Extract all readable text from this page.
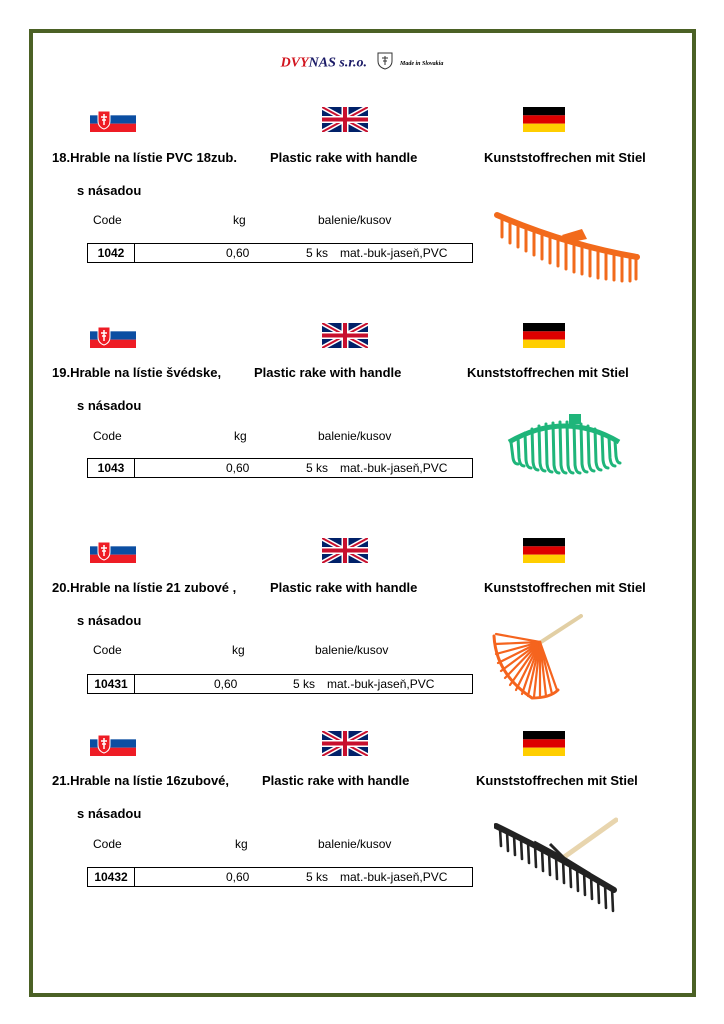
DVYNAS s.r.o.	Made in Slovakia
18.Hrable na lístie PVC 18zub.	Plastic rake with handle	Kunststoffrechen mit Stiel
s násadou
Code	kg	balenie/kusov
1042	0,60	5 ks mat.-buk-jaseň,PVC
19.Hrable na lístie švédske,	Plastic rake with handle	Kunststoffrechen mit Stiel
s násadou
Code	kg	balenie/kusov
1043	0,60	5 ks mat.-buk-jaseň,PVC
20.Hrable na lístie 21 zubové ,	Plastic rake with handle	Kunststoffrechen mit Stiel
s násadou
Code	kg	balenie/kusov
10431	0,60	5 ks mat.-buk-jaseň,PVC
21.Hrable na lístie 16zubové,	Plastic rake with handle	Kunststoffrechen mit Stiel
s násadou
Code	kg	balenie/kusov
10432	0,60	5 ks mat.-buk-jaseň,PVC
